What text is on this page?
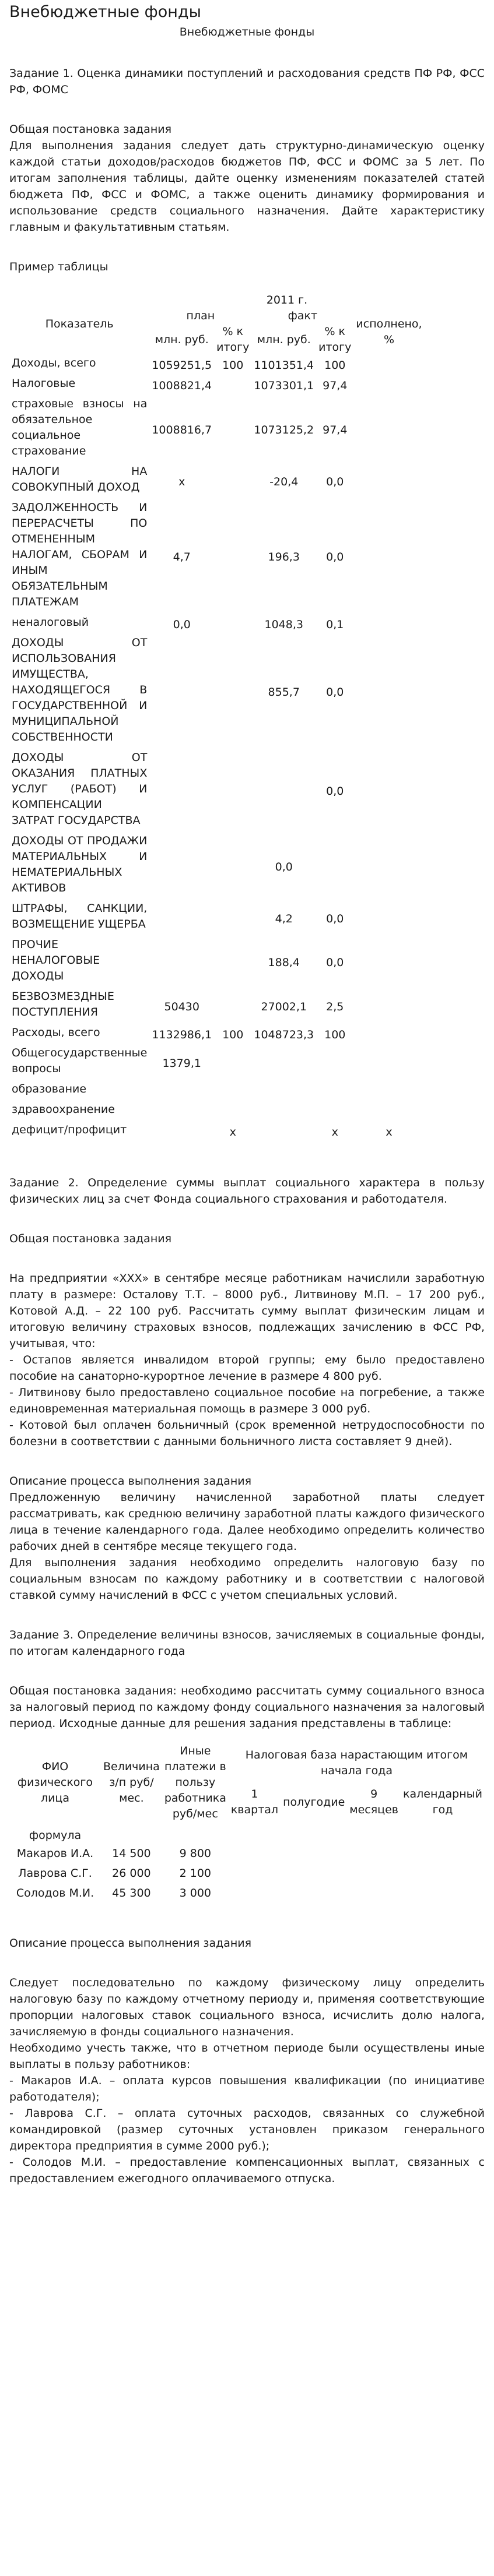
Внебюджетные фонды
Внебюджетные фонды

Задание 1. Оценка динамики поступлений и расходования средств ПФ РФ, ФСС РФ, ФОМС

Общая постановка задания

Для выполнения задания следует дать структурно-динамическую оценку каждой статьи доходов/расходов бюджетов ПФ, ФСС и ФОМС за 5 лет. По итогам заполнения таблицы, дайте оценку изменениям показателей статей бюджета ПФ, ФСС и ФОМС, а также оценить динамику формирования и использование средств социального назначения. Дайте характеристику главным и факультативным статьям.

Пример таблицы

Показатель	2011 г.				
	план		факт		исполнено, %
	млн. руб.	% к итогу	млн. руб.	% к итогу	
Доходы, всего	1059251,5	100	1101351,4	100	
Налоговые	1008821,4		1073301,1	97,4	
страховые взносы на обязательное социальное страхование	1008816,7		1073125,2	97,4	
НАЛОГИ НА СОВОКУПНЫЙ ДОХОД	х		-20,4	0,0	
ЗАДОЛЖЕННОСТЬ И ПЕРЕРАСЧЕТЫ ПО ОТМЕНЕННЫМ НАЛОГАМ, СБОРАМ И ИНЫМ ОБЯЗАТЕЛЬНЫМ ПЛАТЕЖАМ	4,7		196,3	0,0	
неналоговый	0,0		1048,3	0,1	
ДОХОДЫ ОТ ИСПОЛЬЗОВАНИЯ ИМУЩЕСТВА, НАХОДЯЩЕГОСЯ В ГОСУДАРСТВЕННОЙ И МУНИЦИПАЛЬНОЙ СОБСТВЕННОСТИ			855,7	0,0	
ДОХОДЫ ОТ ОКАЗАНИЯ ПЛАТНЫХ УСЛУГ (РАБОТ) И КОМПЕНСАЦИИ ЗАТРАТ ГОСУДАРСТВА				0,0	
ДОХОДЫ ОТ ПРОДАЖИ МАТЕРИАЛЬНЫХ И НЕМАТЕРИАЛЬНЫХ АКТИВОВ			0,0		
ШТРАФЫ, САНКЦИИ, ВОЗМЕЩЕНИЕ УЩЕРБА			4,2	0,0	
ПРОЧИЕ НЕНАЛОГОВЫЕ ДОХОДЫ			188,4	0,0	
БЕЗВОЗМЕЗДНЫЕ ПОСТУПЛЕНИЯ	50430		27002,1	2,5	
Расходы, всего	1132986,1	100	1048723,3	100	
Общегосударственные вопросы	1379,1				
образование					
здравоохранение					
дефицит/профицит		х		х	х

Задание 2. Определение суммы выплат социального характера в пользу физических лиц за счет Фонда социального страхования и работодателя.

Общая постановка задания

На предприятии «ХХХ» в сентябре месяце работникам начислили заработную плату в размере: Осталову Т.Т. – 8000 руб., Литвинову М.П. – 17 200 руб., Котовой А.Д. – 22 100 руб. Рассчитать сумму выплат физическим лицам и итоговую величину страховых взносов, подлежащих зачислению в ФСС РФ, учитывая, что:

- Остапов является инвалидом второй группы; ему было предоставлено пособие на санаторно-курортное лечение в размере 4 800 руб.

- Литвинову было предоставлено социальное пособие на погребение, а также единовременная материальная помощь в размере 3 000 руб.

- Котовой был оплачен больничный (срок временной нетрудоспособности по болезни в соответствии с данными больничного листа составляет 9 дней).

Описание процесса выполнения задания

Предложенную величину начисленной заработной платы следует рассматривать, как среднюю величину заработной платы каждого физического лица в течение календарного года. Далее необходимо определить количество рабочих дней в сентябре месяце текущего года.

Для выполнения задания необходимо определить налоговую базу по социальным взносам по каждому работнику и в соответствии с налоговой ставкой сумму начислений в ФСС с учетом специальных условий.

Задание 3. Определение величины взносов, зачисляемых в социальные фонды, по итогам календарного года

Общая постановка задания: необходимо рассчитать сумму социального взноса за налоговый период по каждому фонду социального назначения за налоговый период. Исходные данные для решения задания представлены в таблице:

ФИО физического лица	Величина з/п руб/мес.	Иные платежи в пользу работника руб/мес	Налоговая база нарастающим итогом начала года			
			1 квартал	полугодие	9 месяцев	календарный год
формула						
Макаров И.А.	14 500	9 800				
Лаврова С.Г.	26 000	2 100				
Солодов М.И.	45 300	3 000				

Описание процесса выполнения задания

Следует последовательно по каждому физическому лицу определить налоговую базу по каждому отчетному периоду и, применяя соответствующие пропорции налоговых ставок социального взноса, исчислить долю налога, зачисляемую в фонды социального назначения.

Необходимо учесть также, что в отчетном периоде были осуществлены иные выплаты в пользу работников:

- Макаров И.А. – оплата курсов повышения квалификации (по инициативе работодателя);

- Лаврова С.Г. – оплата суточных расходов, связанных со служебной командировкой (размер суточных установлен приказом генерального директора предприятия в сумме 2000 руб.);

- Солодов М.И. – предоставление компенсационных выплат, связанных с предоставлением ежегодного оплачиваемого отпуска.
